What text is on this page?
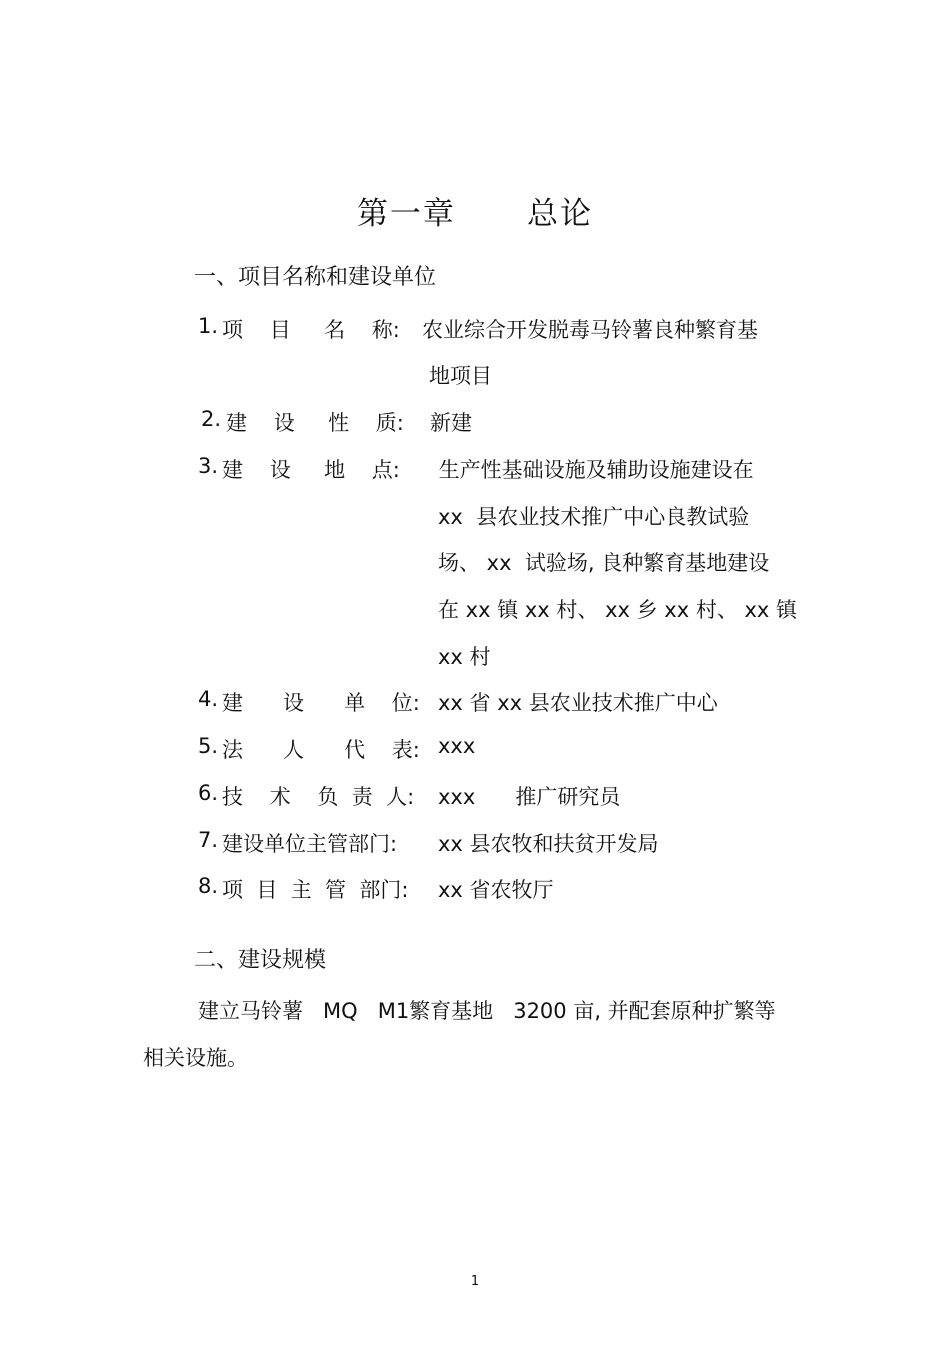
第一章      总论
一、项目名称和建设单位
1. 项    目     名    称:	农业综合开发脱毒马铃薯良种繁育基
地项目
2. 建    设     性    质:	新建
3. 建    设     地    点:	生产性基础设施及辅助设施建设在
xx  县农业技术推广中心良教试验
场、 xx  试验场, 良种繁育基地建设
在 xx 镇 xx 村、 xx 乡 xx 村、 xx 镇
xx 村
4. 建      设      单    位: xx 省 xx 县农业技术推广中心
5. 法      人      代    表: xxx
6. 技    术    负  责  人: xxx      推广研究员
7. 建设单位主管部门:	xx 县农牧和扶贫开发局
8. 项  目  主  管  部门: xx 省农牧厅
二、建设规模
建立马铃薯   MQ   M1繁育基地   3200 亩, 并配套原种扩繁等
相关设施。
1
